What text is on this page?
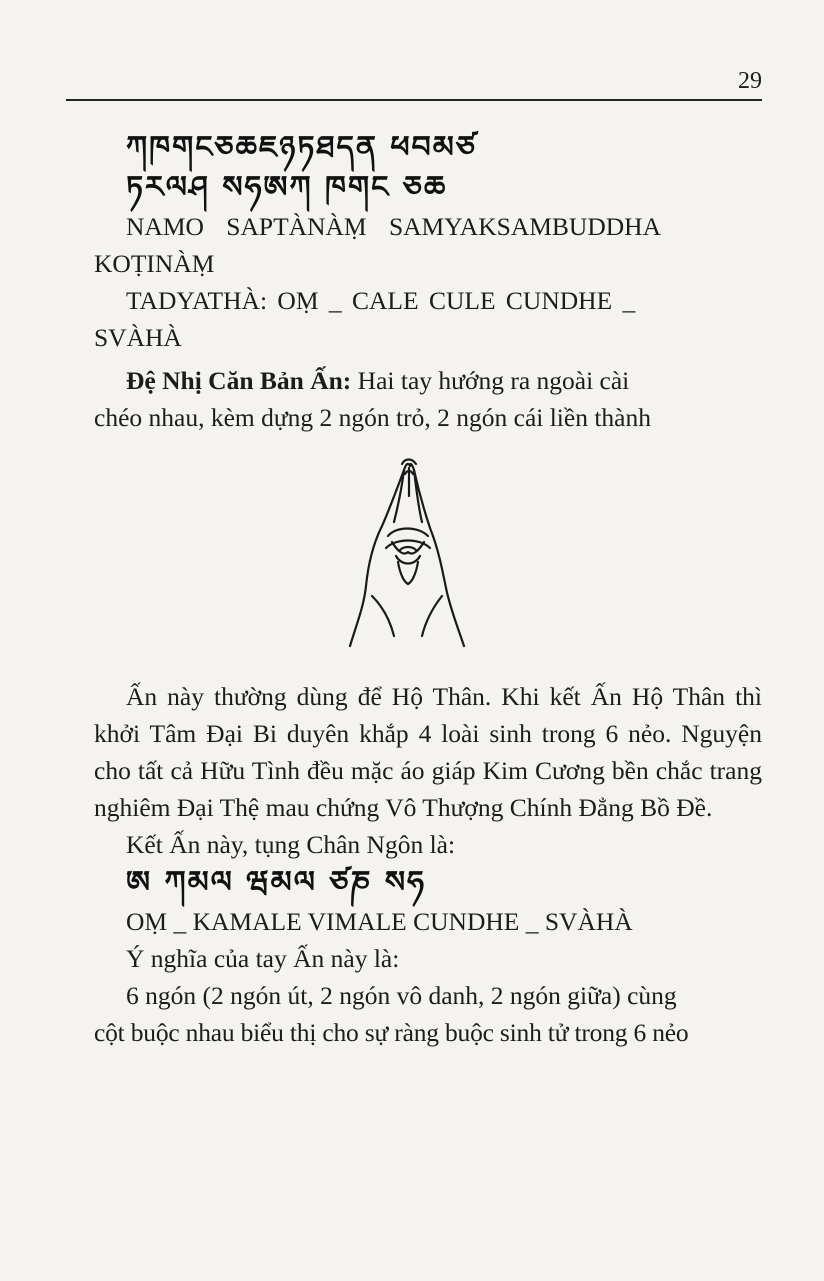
29
ཀཁགངཅཆཇཉཏཐདན ཕབམཙ
ཏརལཤ སཧཨཀ ཁགང ཅཆ

NAMO SAPTÀNÀṂ SAMYAKSAMBUDDHA

KOṬINÀṂ

TADYATHÀ: OṂ _ CALE CULE CUNDHE _

SVÀHÀ

Đệ Nhị Căn Bản Ấn: Hai tay hướng ra ngoài cài

chéo nhau, kèm dựng 2 ngón trỏ, 2 ngón cái liền thành

Ấn này thường dùng để Hộ Thân. Khi kết Ấn Hộ Thân thì khởi Tâm Đại Bi duyên khắp 4 loài sinh trong 6 nẻo. Nguyện cho tất cả Hữu Tình đều mặc áo giáp Kim Cương bền chắc trang nghiêm Đại Thệ mau chứng Vô Thượng Chính Đẳng Bồ Đề.

Kết Ấn này, tụng Chân Ngôn là:

ཨ ཀམལ ཝམལ ཙཎ སཧ

OṂ _ KAMALE VIMALE CUNDHE _ SVÀHÀ

Ý nghĩa của tay Ấn này là:

6 ngón (2 ngón út, 2 ngón vô danh, 2 ngón giữa) cùng

cột buộc nhau biểu thị cho sự ràng buộc sinh tử trong 6 nẻo
